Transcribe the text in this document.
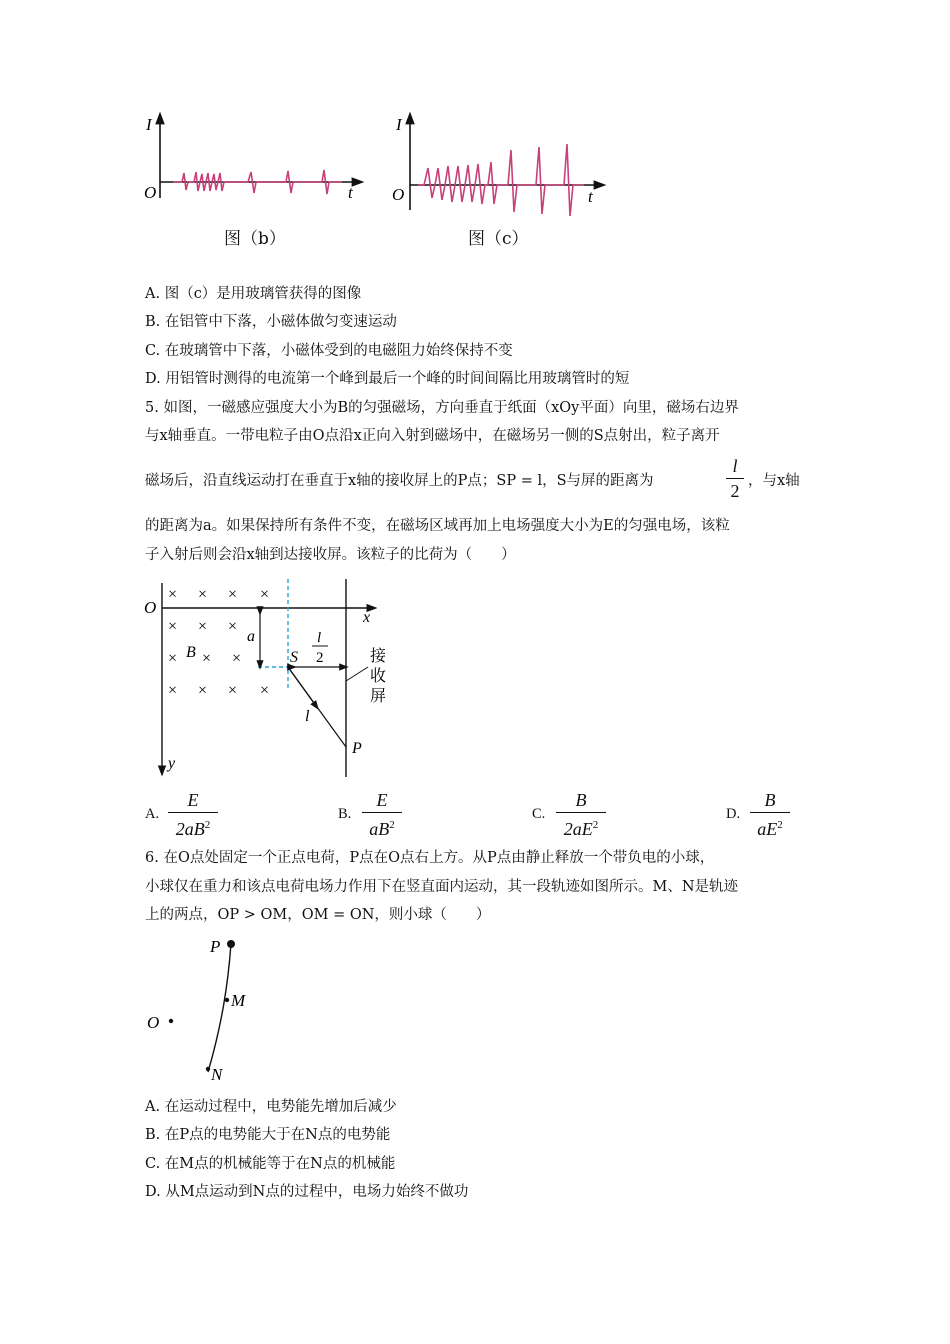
I
O	t
图（b）
I
O	t
图（c）
A. 图（c）是用玻璃管获得的图像
B. 在铝管中下落，小磁体做匀变速运动
C. 在玻璃管中下落，小磁体受到的电磁阻力始终保持不变
D. 用铝管时测得的电流第一个峰到最后一个峰的时间间隔比用玻璃管时的短
5. 如图，一磁感应强度大小为B的匀强磁场，方向垂直于纸面（xOy平面）向里，磁场右边界
与x轴垂直。一带电粒子由O点沿x正向入射到磁场中，在磁场另一侧的S点射出，粒子离开
磁场后，沿直线运动打在垂直于x轴的接收屏上的P点；SP = l，S与屏的距离为
l
2 ，与x轴
的距离为a。如果保持所有条件不变，在磁场区域再加上电场强度大小为E的匀强电场，该粒
子入射后则会沿x轴到达接收屏。该粒子的比荷为（　　）
× × × ×
× × ×
× × ×
× × × ×
O
x
y
B
a
S
l
2
l
P
接
收
屏
A.
E
$2aB^2$
B.
E
$aB^2$
C.
B
$2aE^2$
D.
B
$aE^2$
6. 在O点处固定一个正点电荷，P点在O点右上方。从P点由静止释放一个带负电的小球，
小球仅在重力和该点电荷电场力作用下在竖直面内运动，其一段轨迹如图所示。M、N是轨迹
上的两点，OP > OM，OM = ON，则小球（　　）
P
M
O
N
A. 在运动过程中，电势能先增加后减少
B. 在P点的电势能大于在N点的电势能
C. 在M点的机械能等于在N点的机械能
D. 从M点运动到N点的过程中，电场力始终不做功
